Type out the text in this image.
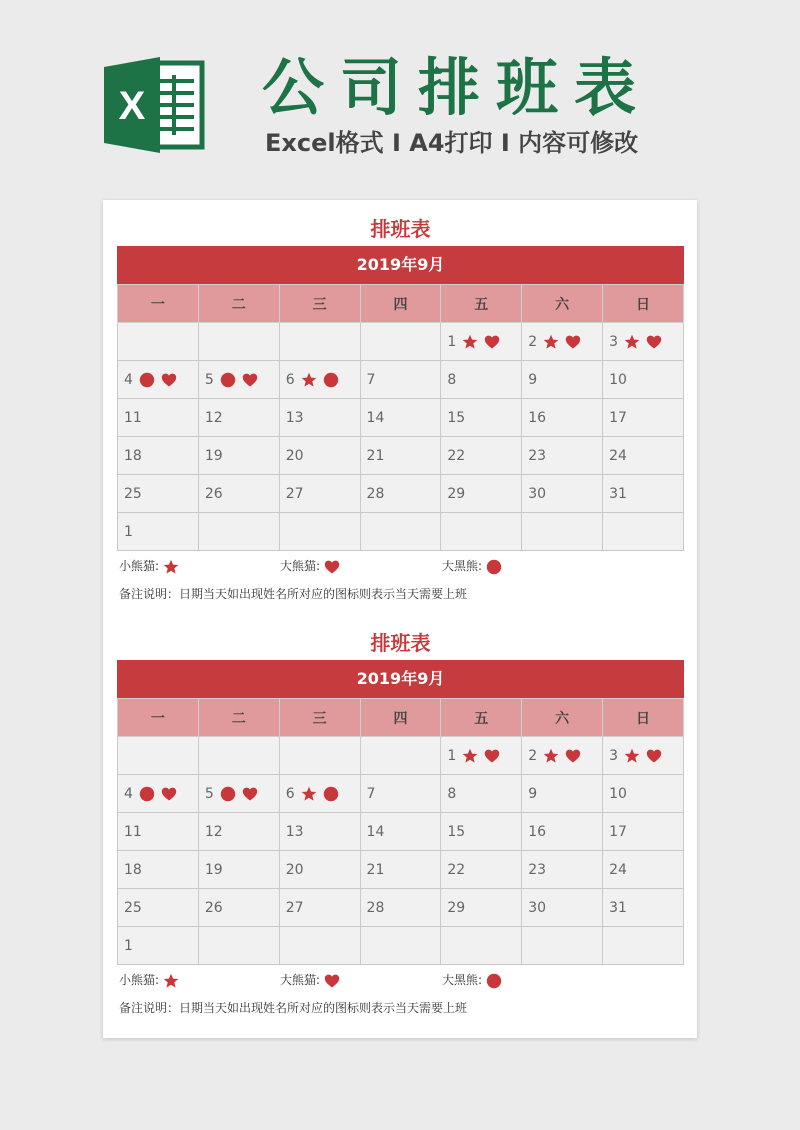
X 公司排班表
Excel格式 I A4打印 I 内容可修改
排班表
2019年9月
一	二	三	四	五	六	日
				1	2	3
4	5	6	7	8	9	10
11	12	13	14	15	16	17
18	19	20	21	22	23	24
25	26	27	28	29	30	31
1						
小熊猫:	大熊猫:	大黑熊:
备注说明：日期当天如出现姓名所对应的图标则表示当天需要上班
排班表
2019年9月
一	二	三	四	五	六	日
				1	2	3
4	5	6	7	8	9	10
11	12	13	14	15	16	17
18	19	20	21	22	23	24
25	26	27	28	29	30	31
1						
小熊猫:	大熊猫:	大黑熊:
备注说明：日期当天如出现姓名所对应的图标则表示当天需要上班
